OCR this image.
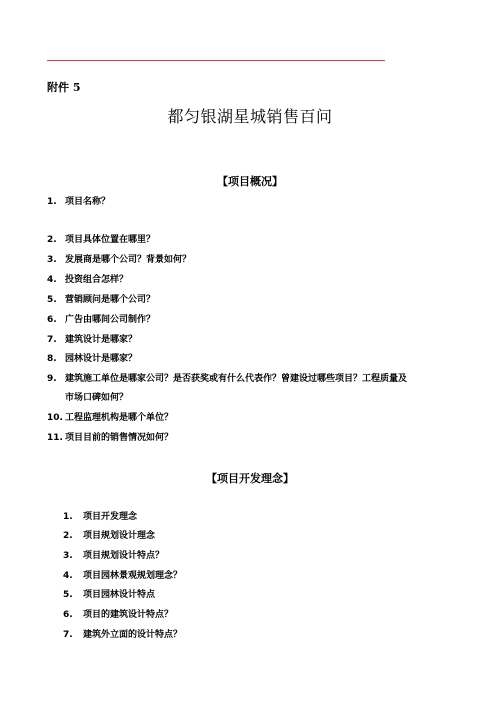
附件 5
都匀银湖星城销售百问
【项目概况】
1. 项目名称？
2. 项目具体位置在哪里？
3. 发展商是哪个公司？背景如何？
4. 投资组合怎样？
5. 营销顾问是哪个公司？
6. 广告由哪间公司制作？
7. 建筑设计是哪家？
8. 园林设计是哪家？
9. 建筑施工单位是哪家公司？是否获奖或有什么代表作？曾建设过哪些项目？工程质量及
市场口碑如何？
10. 工程监理机构是哪个单位？
11. 项目目前的销售情况如何？
【项目开发理念】
1. 项目开发理念
2. 项目规划设计理念
3. 项目规划设计特点？
4. 项目园林景观规划理念？
5. 项目园林设计特点
6. 项目的建筑设计特点？
7. 建筑外立面的设计特点？
